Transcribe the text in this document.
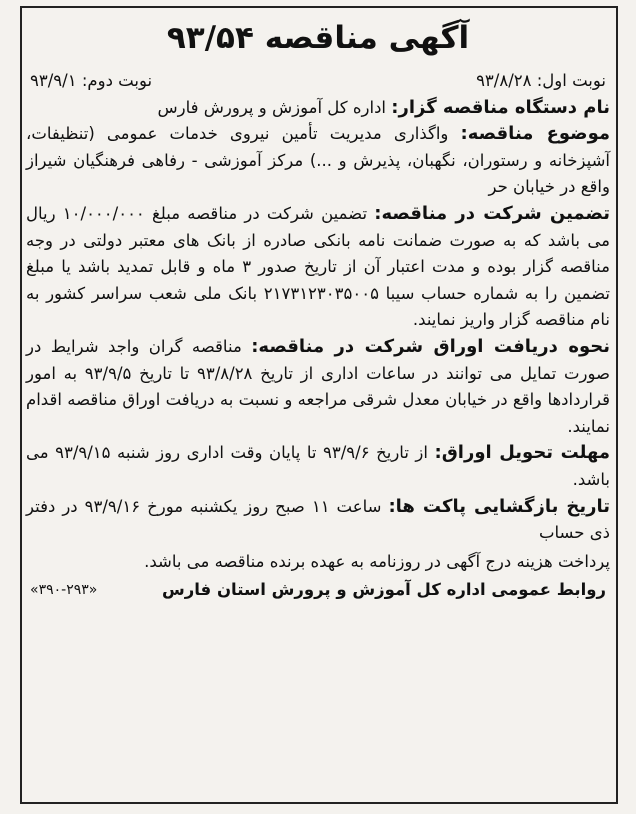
آگهی مناقصه ۹۳/۵۴
نوبت اول: ۹۳/۸/۲۸
نوبت دوم: ۹۳/۹/۱

نام دستگاه مناقصه گزار: اداره کل آموزش و پرورش فارس

موضوع مناقصه: واگذاری مدیریت تأمین نیروی خدمات عمومی (تنظیفات، آشپزخانه و رستوران، نگهبان، پذیرش و ...) مرکز آموزشی - رفاهی فرهنگیان شیراز واقع در خیابان حر

تضمین شرکت در مناقصه: تضمین شرکت در مناقصه مبلغ ۱۰/۰۰۰/۰۰۰ ریال می باشد که به صورت ضمانت نامه بانکی صادره از بانک های معتبر دولتی در وجه مناقصه گزار بوده و مدت اعتبار آن از تاریخ صدور ۳ ماه و قابل تمدید باشد یا مبلغ تضمین را به شماره حساب سیبا ۲۱۷۳۱۲۳۰۳۵۰۰۵ بانک ملی شعب سراسر کشور به نام مناقصه گزار واریز نمایند.

نحوه دریافت اوراق شرکت در مناقصه: مناقصه گران واجد شرایط در صورت تمایل می توانند در ساعات اداری از تاریخ ۹۳/۸/۲۸ تا تاریخ ۹۳/۹/۵ به امور قراردادها واقع در خیابان معدل شرقی مراجعه و نسبت به دریافت اوراق مناقصه اقدام نمایند.

مهلت تحویل اوراق: از تاریخ ۹۳/۹/۶ تا پایان وقت اداری روز شنبه ۹۳/۹/۱۵ می باشد.

تاریخ بازگشایی پاکت ها: ساعت ۱۱ صبح روز یکشنبه مورخ ۹۳/۹/۱۶ در دفتر ذی حساب

پرداخت هزینه درج آگهی در روزنامه به عهده برنده مناقصه می باشد.

روابط عمومی اداره کل آموزش و پرورش استان فارس
«۳۹۰-۲۹۳»
